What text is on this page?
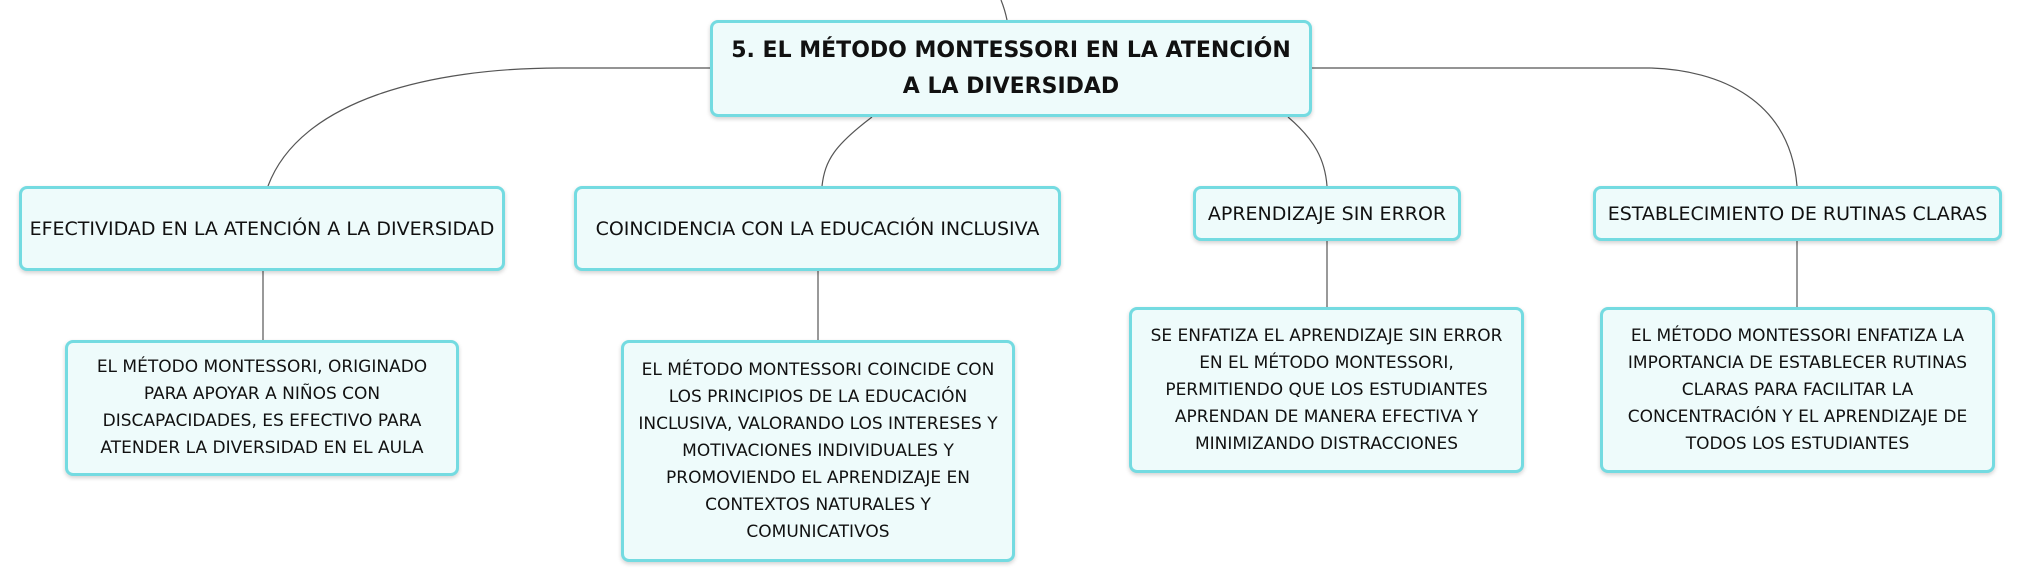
5. EL MÉTODO MONTESSORI EN LA ATENCIÓN A LA DIVERSIDAD
EFECTIVIDAD EN LA ATENCIÓN A LA DIVERSIDAD	COINCIDENCIA CON LA EDUCACIÓN INCLUSIVA
APRENDIZAJE SIN ERROR	ESTABLECIMIENTO DE RUTINAS CLARAS
EL MÉTODO MONTESSORI, ORIGINADO PARA APOYAR A NIÑOS CON DISCAPACIDADES, ES EFECTIVO PARA ATENDER LA DIVERSIDAD EN EL AULA
EL MÉTODO MONTESSORI COINCIDE CON LOS PRINCIPIOS DE LA EDUCACIÓN INCLUSIVA, VALORANDO LOS INTERESES Y MOTIVACIONES INDIVIDUALES Y PROMOVIENDO EL APRENDIZAJE EN CONTEXTOS NATURALES Y COMUNICATIVOS
SE ENFATIZA EL APRENDIZAJE SIN ERROR EN EL MÉTODO MONTESSORI, PERMITIENDO QUE LOS ESTUDIANTES APRENDAN DE MANERA EFECTIVA Y MINIMIZANDO DISTRACCIONES
EL MÉTODO MONTESSORI ENFATIZA LA IMPORTANCIA DE ESTABLECER RUTINAS CLARAS PARA FACILITAR LA CONCENTRACIÓN Y EL APRENDIZAJE DE TODOS LOS ESTUDIANTES
